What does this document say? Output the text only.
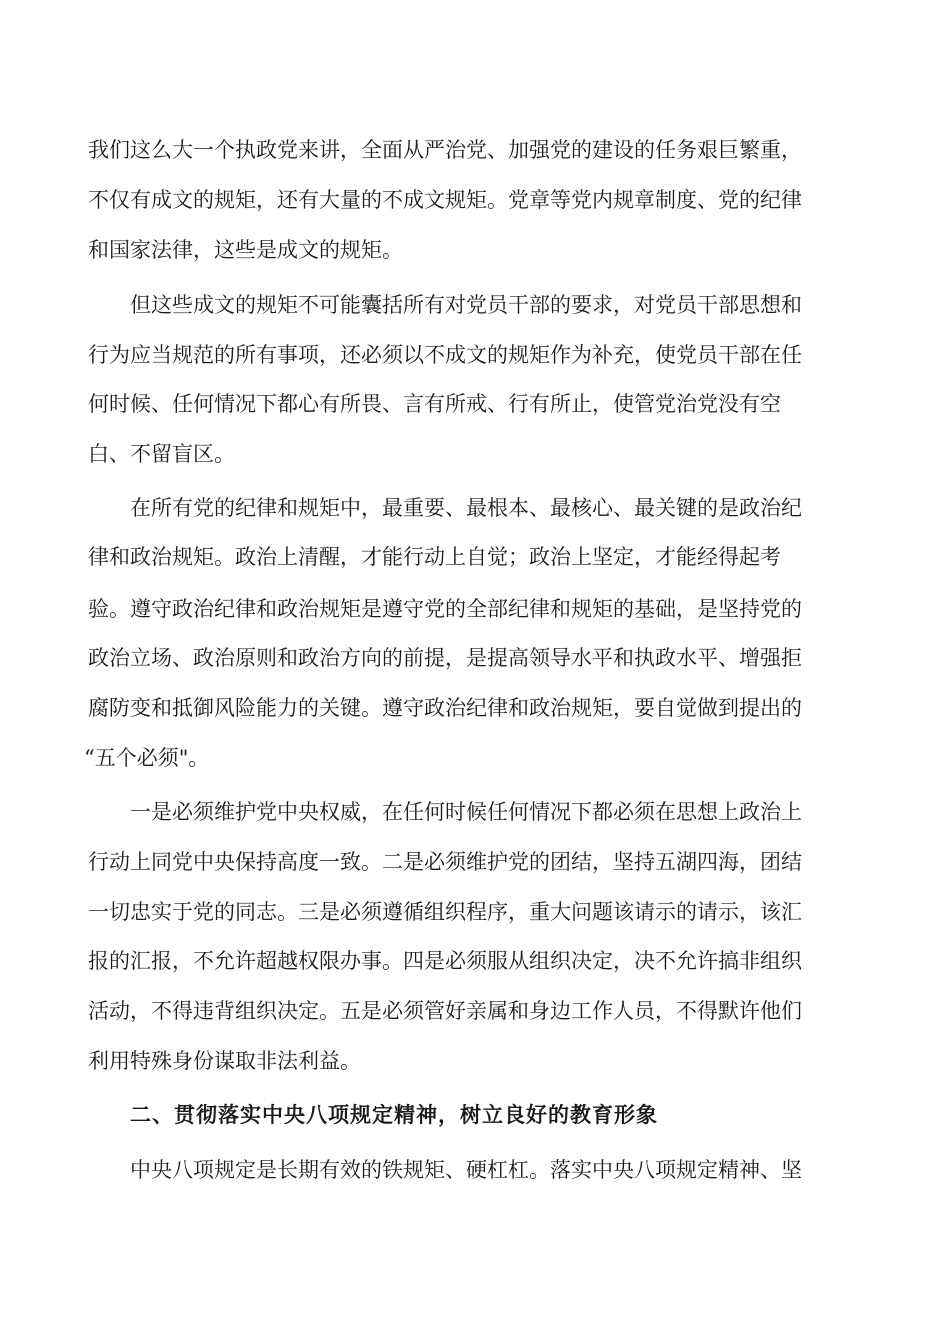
我们这么大一个执政党来讲，全面从严治党、加强党的建设的任务艰巨繁重，
不仅有成文的规矩，还有大量的不成文规矩。党章等党内规章制度、党的纪律
和国家法律，这些是成文的规矩。
但这些成文的规矩不可能囊括所有对党员干部的要求，对党员干部思想和
行为应当规范的所有事项，还必须以不成文的规矩作为补充，使党员干部在任
何时候、任何情况下都心有所畏、言有所戒、行有所止，使管党治党没有空
白、不留盲区。
在所有党的纪律和规矩中，最重要、最根本、最核心、最关键的是政治纪
律和政治规矩。政治上清醒，才能行动上自觉；政治上坚定，才能经得起考
验。遵守政治纪律和政治规矩是遵守党的全部纪律和规矩的基础，是坚持党的
政治立场、政治原则和政治方向的前提，是提高领导水平和执政水平、增强拒
腐防变和抵御风险能力的关键。遵守政治纪律和政治规矩，要自觉做到提出的
“五个必须"。
一是必须维护党中央权威，在任何时候任何情况下都必须在思想上政治上
行动上同党中央保持高度一致。二是必须维护党的团结，坚持五湖四海，团结
一切忠实于党的同志。三是必须遵循组织程序，重大问题该请示的请示，该汇
报的汇报，不允许超越权限办事。四是必须服从组织决定，决不允许搞非组织
活动，不得违背组织决定。五是必须管好亲属和身边工作人员，不得默许他们
利用特殊身份谋取非法利益。
二、贯彻落实中央八项规定精神，树立良好的教育形象
中央八项规定是长期有效的铁规矩、硬杠杠。落实中央八项规定精神、坚
